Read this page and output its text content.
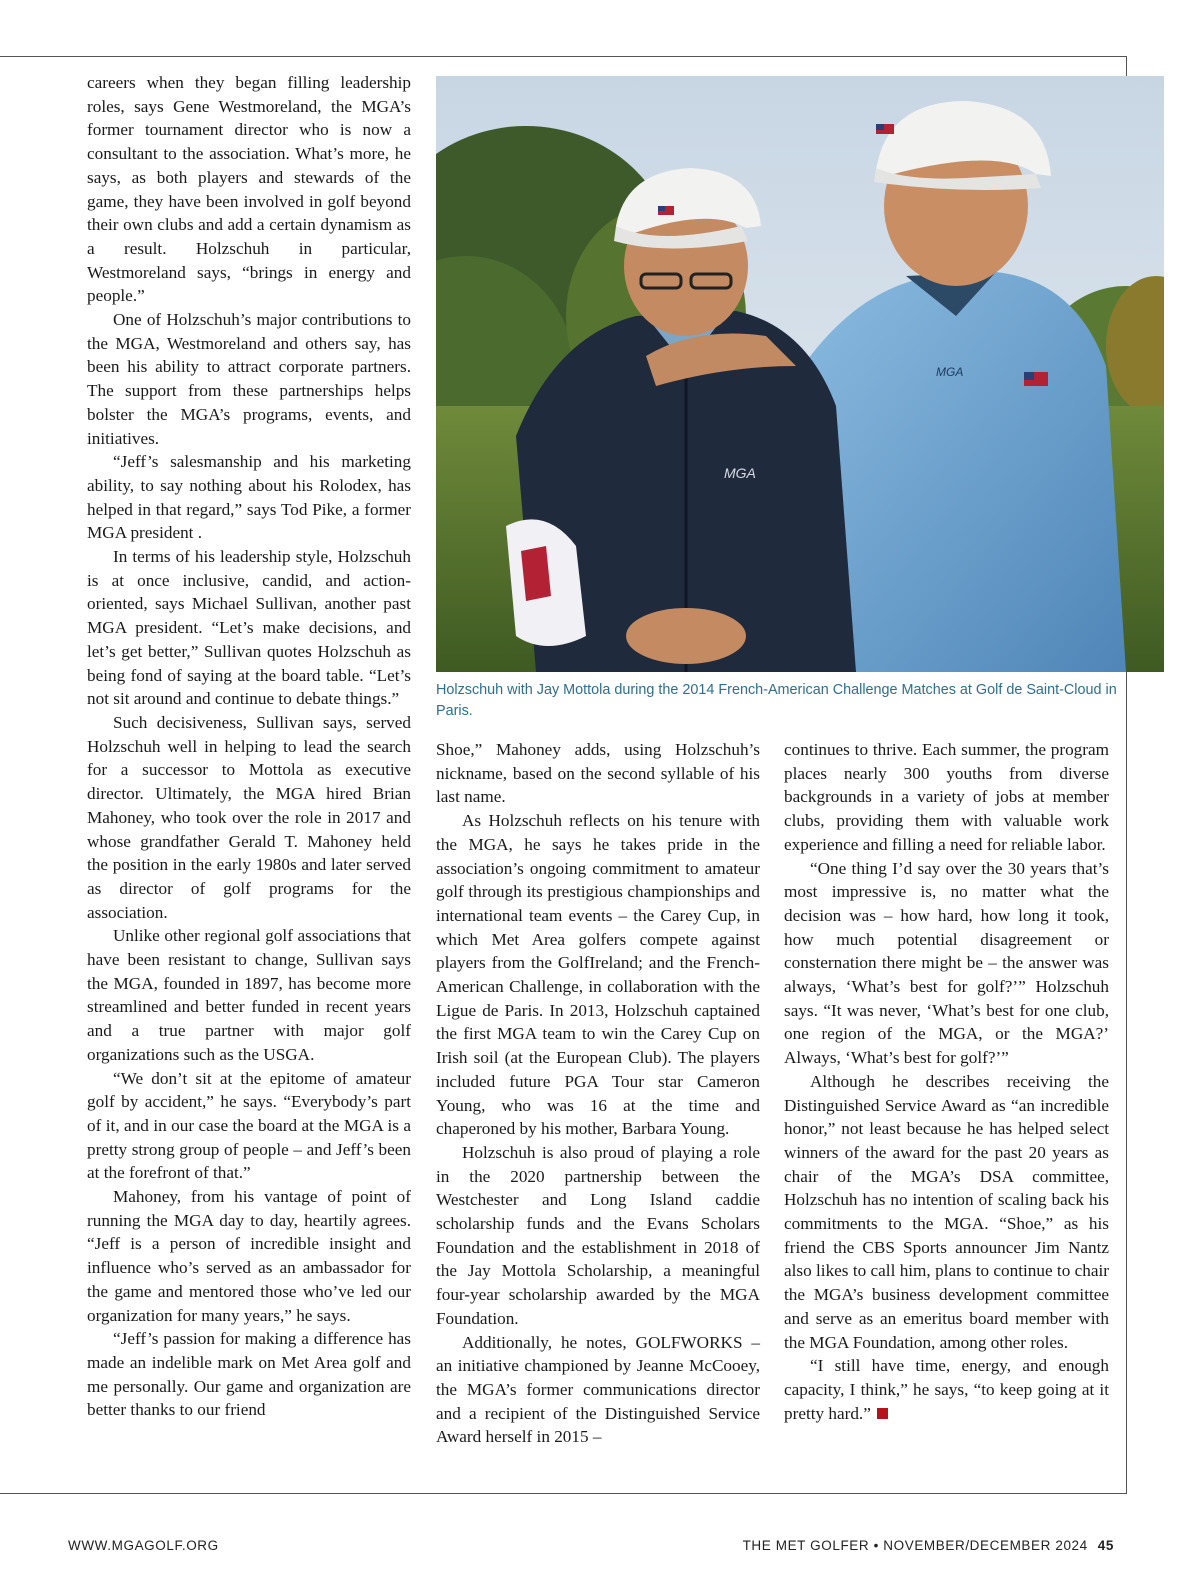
careers when they began filling leadership roles, says Gene Westmoreland, the MGA’s former tournament director who is now a consultant to the association. What’s more, he says, as both players and stewards of the game, they have been involved in golf beyond their own clubs and add a certain dynamism as a result. Holzschuh in particular, Westmoreland says, “brings in energy and people.”

One of Holzschuh’s major contributions to the MGA, Westmoreland and others say, has been his ability to attract corporate partners. The support from these partnerships helps bolster the MGA’s programs, events, and initiatives.

“Jeff’s salesmanship and his marketing ability, to say nothing about his Rolodex, has helped in that regard,” says Tod Pike, a former MGA president .

In terms of his leadership style, Holzschuh is at once inclusive, candid, and action-oriented, says Michael Sullivan, another past MGA president. “Let’s make decisions, and let’s get better,” Sullivan quotes Holzschuh as being fond of saying at the board table. “Let’s not sit around and continue to debate things.”

Such decisiveness, Sullivan says, served Holzschuh well in helping to lead the search for a successor to Mottola as executive director. Ultimately, the MGA hired Brian Mahoney, who took over the role in 2017 and whose grandfather Gerald T. Mahoney held the position in the early 1980s and later served as director of golf programs for the association.

Unlike other regional golf associations that have been resistant to change, Sullivan says the MGA, founded in 1897, has become more streamlined and better funded in recent years and a true partner with major golf organizations such as the USGA.

“We don’t sit at the epitome of amateur golf by accident,” he says. “Everybody’s part of it, and in our case the board at the MGA is a pretty strong group of people – and Jeff’s been at the forefront of that.”

Mahoney, from his vantage of point of running the MGA day to day, heartily agrees. “Jeff is a person of incredible insight and influence who’s served as an ambassador for the game and mentored those who’ve led our organization for many years,” he says.

“Jeff’s passion for making a difference has made an indelible mark on Met Area golf and me personally. Our game and organization are better thanks to our friend

MGA
MGA
Holzschuh with Jay Mottola during the 2014 French-American Challenge Matches at Golf de Saint-Cloud in Paris.

Shoe,” Mahoney adds, using Holzschuh’s nickname, based on the second syllable of his last name.

As Holzschuh reflects on his tenure with the MGA, he says he takes pride in the association’s ongoing commitment to amateur golf through its prestigious championships and international team events – the Carey Cup, in which Met Area golfers compete against players from the GolfIreland; and the French-American Challenge, in collaboration with the Ligue de Paris. In 2013, Holzschuh captained the first MGA team to win the Carey Cup on Irish soil (at the European Club). The players included future PGA Tour star Cameron Young, who was 16 at the time and chaperoned by his mother, Barbara Young.

Holzschuh is also proud of playing a role in the 2020 partnership between the Westchester and Long Island caddie scholarship funds and the Evans Scholars Foundation and the establishment in 2018 of the Jay Mottola Scholarship, a meaningful four-year scholarship awarded by the MGA Foundation.

Additionally, he notes, GOLFWORKS – an initiative championed by Jeanne McCooey, the MGA’s former communications director and a recipient of the Distinguished Service Award herself in 2015 –

continues to thrive. Each summer, the program places nearly 300 youths from diverse backgrounds in a variety of jobs at member clubs, providing them with valuable work experience and filling a need for reliable labor.

“One thing I’d say over the 30 years that’s most impressive is, no matter what the decision was – how hard, how long it took, how much potential disagreement or consternation there might be – the answer was always, ‘What’s best for golf?’” Holzschuh says. “It was never, ‘What’s best for one club, one region of the MGA, or the MGA?’ Always, ‘What’s best for golf?’”

Although he describes receiving the Distinguished Service Award as “an incredible honor,” not least because he has helped select winners of the award for the past 20 years as chair of the MGA’s DSA committee, Holzschuh has no intention of scaling back his commitments to the MGA. “Shoe,” as his friend the CBS Sports announcer Jim Nantz also likes to call him, plans to continue to chair the MGA’s business development committee and serve as an emeritus board member with the MGA Foundation, among other roles.

“I still have time, energy, and enough capacity, I think,” he says, “to keep going at it pretty hard.”

WWW.MGAGOLF.ORG	THE MET GOLFER • NOVEMBER/DECEMBER 2024 45
